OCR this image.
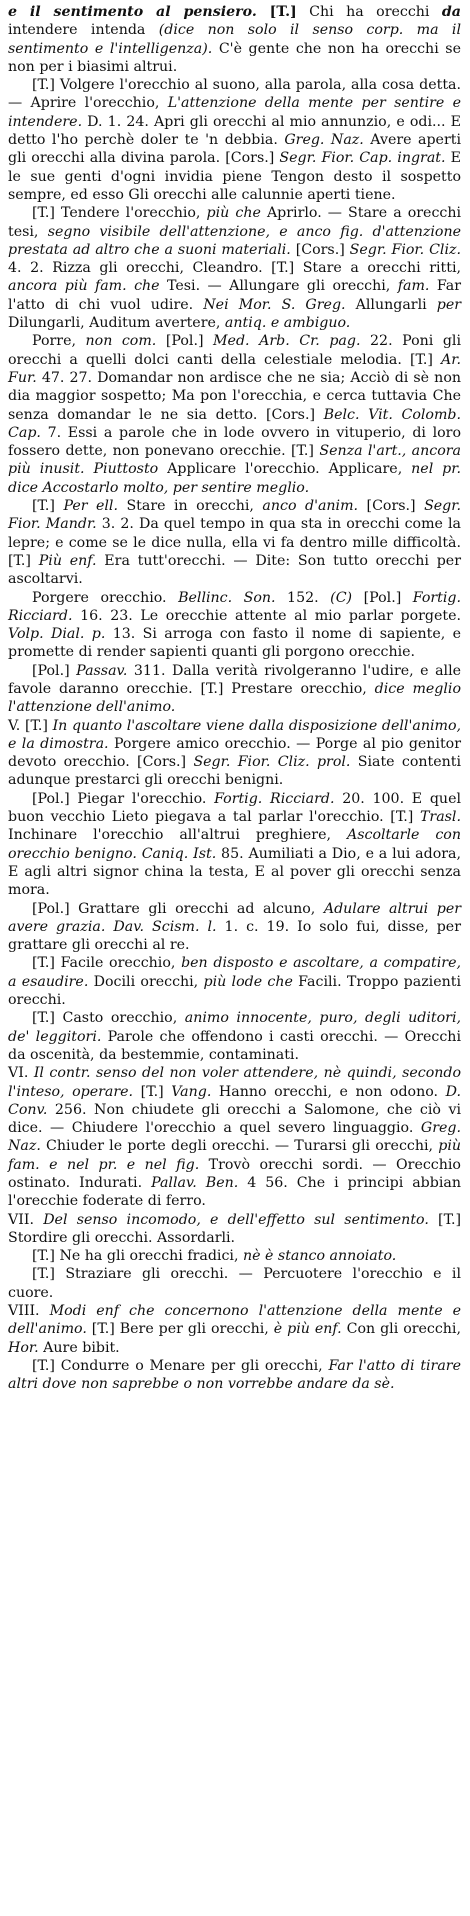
e il sentimento al pensiero. [T.] Chi ha orecchi da intendere intenda (dice non solo il senso corp. ma il sentimento e l'intelligenza). C'è gente che non ha orecchi se non per i biasimi altrui.

[T.] Volgere l'orecchio al suono, alla parola, alla cosa detta. — Aprire l'orecchio, L'attenzione della mente per sentire e intendere. D. 1. 24. Apri gli orecchi al mio annunzio, e odi... E detto l'ho perchè doler te 'n debbia. Greg. Naz. Avere aperti gli orecchi alla divina parola. [Cors.] Segr. Fior. Cap. ingrat. E le sue genti d'ogni invidia piene Tengon desto il sospetto sempre, ed esso Gli orecchi alle calunnie aperti tiene.

[T.] Tendere l'orecchio, più che Aprirlo. — Stare a orecchi tesi, segno visibile dell'attenzione, e anco fig. d'attenzione prestata ad altro che a suoni materiali. [Cors.] Segr. Fior. Cliz. 4. 2. Rizza gli orecchi, Cleandro. [T.] Stare a orecchi ritti, ancora più fam. che Tesi. — Allungare gli orecchi, fam. Far l'atto di chi vuol udire. Nei Mor. S. Greg. Allungarli per Dilungarli, Auditum avertere, antiq. e ambiguo.

Porre, non com. [Pol.] Med. Arb. Cr. pag. 22. Poni gli orecchi a quelli dolci canti della celestiale melodia. [T.] Ar. Fur. 47. 27. Domandar non ardisce che ne sia; Acciò di sè non dia maggior sospetto; Ma pon l'orecchia, e cerca tuttavia Che senza domandar le ne sia detto. [Cors.] Belc. Vit. Colomb. Cap. 7. Essi a parole che in lode ovvero in vituperio, di loro fossero dette, non ponevano orecchie. [T.] Senza l'art., ancora più inusit. Piuttosto Applicare l'orecchio. Applicare, nel pr. dice Accostarlo molto, per sentire meglio.

[T.] Per ell. Stare in orecchi, anco d'anim. [Cors.] Segr. Fior. Mandr. 3. 2. Da quel tempo in qua sta in orecchi come la lepre; e come se le dice nulla, ella vi fa dentro mille difficoltà. [T.] Più enf. Era tutt'orecchi. — Dite: Son tutto orecchi per ascoltarvi.

Porgere orecchio. Bellinc. Son. 152. (C) [Pol.] Fortig. Ricciard. 16. 23. Le orecchie attente al mio parlar porgete. Volp. Dial. p. 13. Si arroga con fasto il nome di sapiente, e promette di render sapienti quanti gli porgono orecchie.

[Pol.] Passav. 311. Dalla verità rivolgeranno l'udire, e alle favole daranno orecchie. [T.] Prestare orecchio, dice meglio l'attenzione dell'animo.

V. [T.] In quanto l'ascoltare viene dalla disposizione dell'animo, e la dimostra. Porgere amico orecchio. — Porge al pio genitor devoto orecchio. [Cors.] Segr. Fior. Cliz. prol. Siate contenti adunque prestarci gli orecchi benigni.

[Pol.] Piegar l'orecchio. Fortig. Ricciard. 20. 100. E quel buon vecchio Lieto piegava a tal parlar l'orecchio. [T.] Trasl. Inchinare l'orecchio all'altrui preghiere, Ascoltarle con orecchio benigno. Caniq. Ist. 85. Aumiliati a Dio, e a lui adora, E agli altri signor china la testa, E al pover gli orecchi senza mora.

[Pol.] Grattare gli orecchi ad alcuno, Adulare altrui per avere grazia. Dav. Scism. l. 1. c. 19. Io solo fui, disse, per grattare gli orecchi al re.

[T.] Facile orecchio, ben disposto e ascoltare, a compatire, a esaudire. Docili orecchi, più lode che Facili. Troppo pazienti orecchi.

[T.] Casto orecchio, animo innocente, puro, degli uditori, de' leggitori. Parole che offendono i casti orecchi. — Orecchi da oscenità, da bestemmie, contaminati.

VI. Il contr. senso del non voler attendere, nè quindi, secondo l'inteso, operare. [T.] Vang. Hanno orecchi, e non odono. D. Conv. 256. Non chiudete gli orecchi a Salomone, che ciò vi dice. — Chiudere l'orecchio a quel severo linguaggio. Greg. Naz. Chiuder le porte degli orecchi. — Turarsi gli orecchi, più fam. e nel pr. e nel fig. Trovò orecchi sordi. — Orecchio ostinato. Indurati. Pallav. Ben. 4 56. Che i principi abbian l'orecchie foderate di ferro.

VII. Del senso incomodo, e dell'effetto sul sentimento. [T.] Stordire gli orecchi. Assordarli.

[T.] Ne ha gli orecchi fradici, nè è stanco annoiato.

[T.] Straziare gli orecchi. — Percuotere l'orecchio e il cuore.

VIII. Modi enf che concernono l'attenzione della mente e dell'animo. [T.] Bere per gli orecchi, è più enf. Con gli orecchi, Hor. Aure bibit.

[T.] Condurre o Menare per gli orecchi, Far l'atto di tirare altri dove non saprebbe o non vorrebbe andare da sè.
